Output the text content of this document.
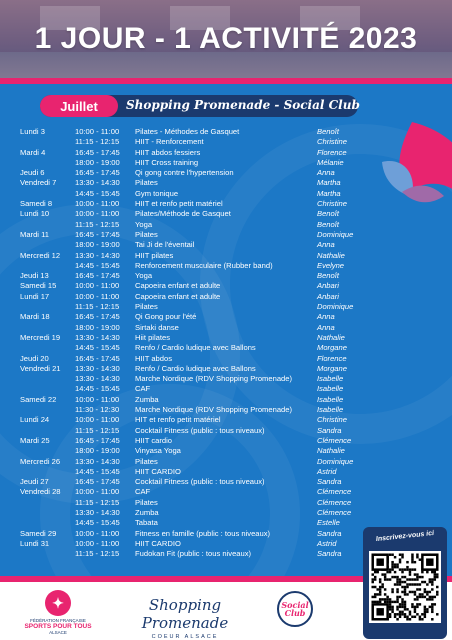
1 JOUR - 1 ACTIVITÉ 2023
Juillet	Shopping Promenade - Social Club
Lundi 3	10:00 - 11:00	Pilates - Méthodes de Gasquet	Benoît
	11:15 - 12:15	HIIT - Renforcement	Christine
Mardi 4	16:45 - 17:45	HIIT abdos fessiers	Florence
	18:00 - 19:00	HIIT Cross training	Mélanie
Jeudi 6	16:45 - 17:45	Qi gong contre l'hypertension	Anna
Vendredi 7	13:30 - 14:30	Pilates	Martha
	14:45 - 15:45	Gym tonique	Martha
Samedi 8	10:00 - 11:00	HIIT et renfo petit matériel	Christine
Lundi 10	10:00 - 11:00	Pilates/Méthode de Gasquet	Benoît
	11:15 - 12:15	Yoga	Benoît
Mardi 11	16:45 - 17:45	Pilates	Dominique
	18:00 - 19:00	Tai Ji de l'éventail	Anna
Mercredi 12	13:30 - 14:30	HIIT pilates	Nathalie
	14:45 - 15:45	Renforcement musculaire (Rubber band)	Evelyne
Jeudi 13	16:45 - 17:45	Yoga	Benoît
Samedi 15	10:00 - 11:00	Capoeira enfant et adulte	Anbari
Lundi 17	10:00 - 11:00	Capoeira enfant et adulte	Anbari
	11:15 - 12:15	Pilates	Dominique
Mardi 18	16:45 - 17:45	Qi Gong pour l'été	Anna
	18:00 - 19:00	Sirtaki danse	Anna
Mercredi 19	13:30 - 14:30	Hiit pilates	Nathalie
	14:45 - 15:45	Renfo / Cardio ludique avec Ballons	Morgane
Jeudi 20	16:45 - 17:45	HIIT abdos	Florence
Vendredi 21	13:30 - 14:30	Renfo / Cardio ludique avec Ballons	Morgane
	13:30 - 14:30	Marche Nordique (RDV Shopping Promenade)	Isabelle
	14:45 - 15:45	CAF	Isabelle
Samedi 22	10:00 - 11:00	Zumba	Isabelle
	11:30 - 12:30	Marche Nordique (RDV Shopping Promenade)	Isabelle
Lundi 24	10:00 - 11:00	HIT et renfo petit matériel	Christine
	11:15 - 12:15	Cocktail Fitness (public : tous niveaux)	Sandra
Mardi 25	16:45 - 17:45	HIIT cardio	Clémence
	18:00 - 19:00	Vinyasa Yoga	Nathalie
Mercredi 26	13:30 - 14:30	Pilates	Dominique
	14:45 - 15:45	HIIT CARDIO	Astrid
Jeudi 27	16:45 - 17:45	Cocktail Fitness (public : tous niveaux)	Sandra
Vendredi 28	10:00 - 11:00	CAF	Clémence
	11:15 - 12:15	Pilates	Clémence
	13:30 - 14:30	Zumba	Clémence
	14:45 - 15:45	Tabata	Estelle
Samedi 29	10:00 - 11:00	Fitness en famille (public : tous niveaux)	Sandra
Lundi 31	10:00 - 11:00	HIIT CARDIO	Astrid
	11:15 - 12:15	Fudokan Fit (public : tous niveaux)	Sandra
✦
FÉDÉRATION FRANÇAISE
SPORTS POUR TOUS
ALSACE
Shopping Promenade
COEUR ALSACE
Social Club
Inscrivez-vous ici
